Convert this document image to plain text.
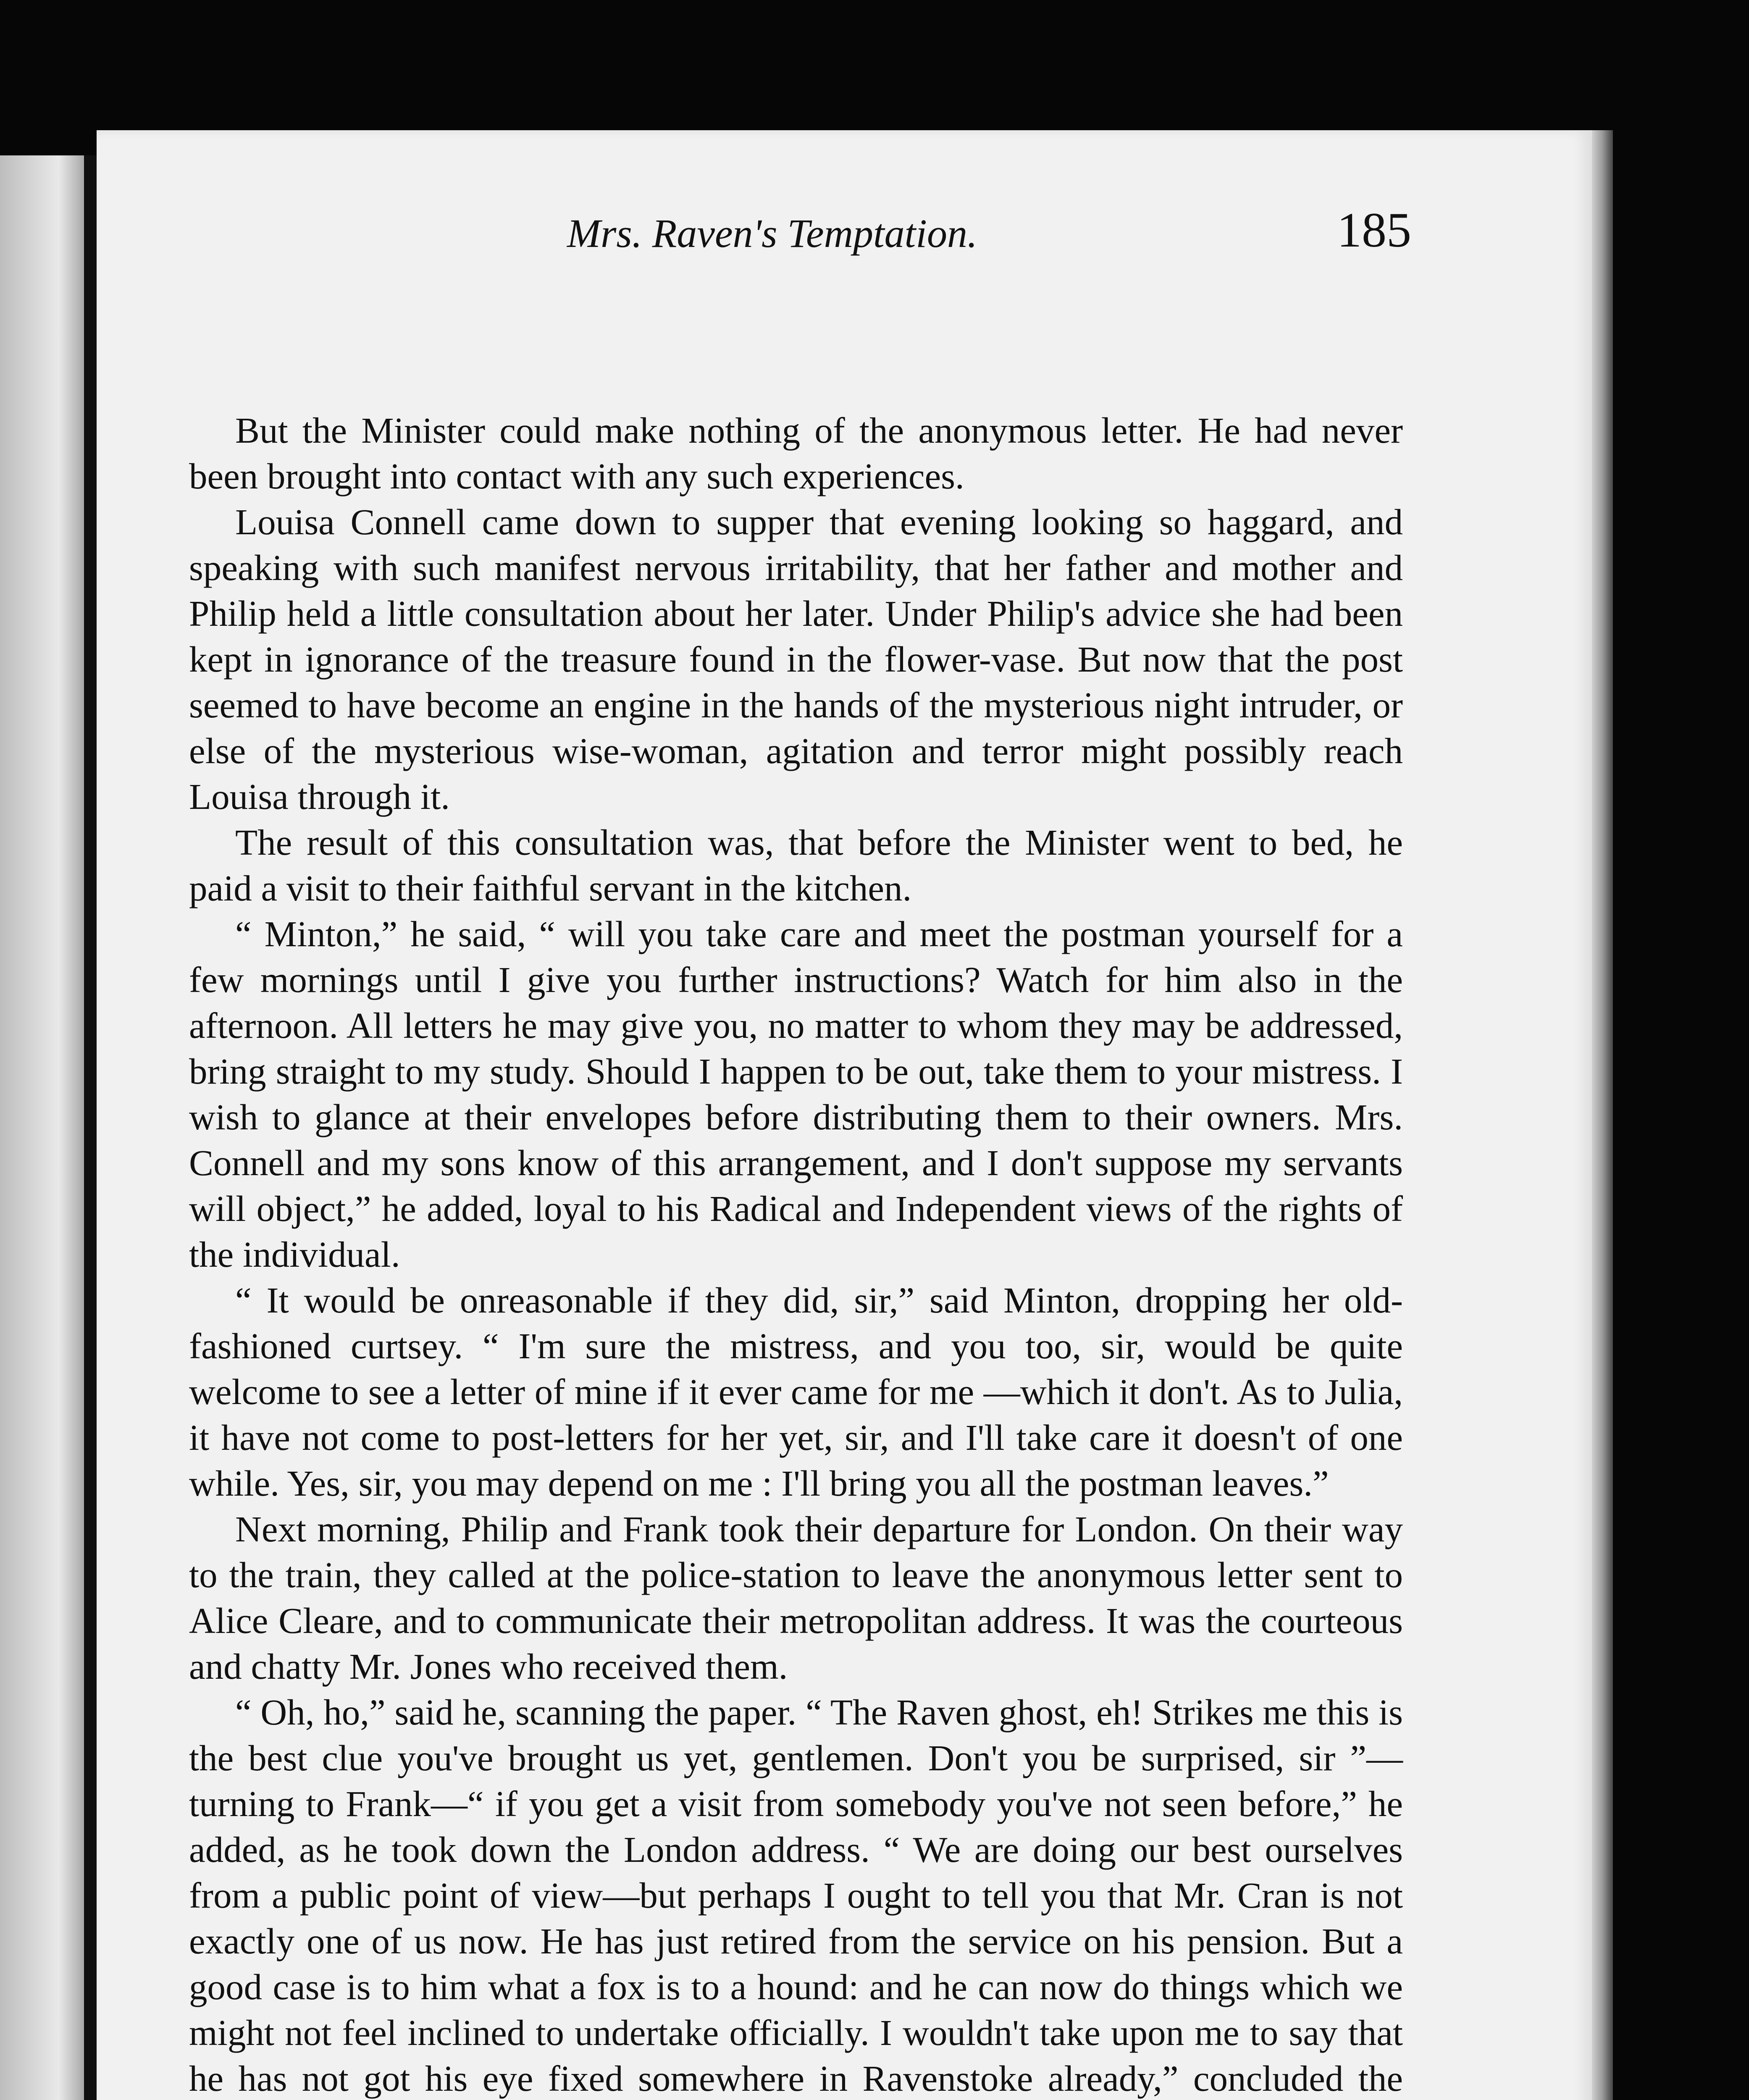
Mrs. Raven's Temptation.	185

But the Minister could make nothing of the anonymous letter. He had never been brought into contact with any such experiences.

Louisa Connell came down to supper that evening looking so haggard, and speaking with such manifest nervous irritability, that her father and mother and Philip held a little consultation about her later. Under Philip's advice she had been kept in ignorance of the treasure found in the flower-vase. But now that the post seemed to have become an engine in the hands of the mysterious night intruder, or else of the mysterious wise-woman, agitation and terror might possibly reach Louisa through it.

The result of this consultation was, that before the Minister went to bed, he paid a visit to their faithful servant in the kitchen.

“ Minton,” he said, “ will you take care and meet the postman yourself for a few mornings until I give you further instructions? Watch for him also in the afternoon. All letters he may give you, no matter to whom they may be addressed, bring straight to my study. Should I happen to be out, take them to your mistress. I wish to glance at their envelopes before distributing them to their owners. Mrs. Connell and my sons know of this arrangement, and I don't suppose my servants will object,” he added, loyal to his Radical and Independent views of the rights of the individual.

“ It would be onreasonable if they did, sir,” said Minton, dropping her old-fashioned curtsey. “ I'm sure the mistress, and you too, sir, would be quite welcome to see a letter of mine if it ever came for me —which it don't. As to Julia, it have not come to post-letters for her yet, sir, and I'll take care it doesn't of one while. Yes, sir, you may depend on me : I'll bring you all the postman leaves.”

Next morning, Philip and Frank took their departure for London. On their way to the train, they called at the police-station to leave the anonymous letter sent to Alice Cleare, and to communicate their metropolitan address. It was the courteous and chatty Mr. Jones who received them.

“ Oh, ho,” said he, scanning the paper. “ The Raven ghost, eh! Strikes me this is the best clue you've brought us yet, gentlemen. Don't you be surprised, sir ”—turning to Frank—“ if you get a visit from somebody you've not seen before,” he added, as he took down the London address. “ We are doing our best ourselves from a public point of view—but perhaps I ought to tell you that Mr. Cran is not exactly one of us now. He has just retired from the service on his pension. But a good case is to him what a fox is to a hound: and he can now do things which we might not feel inclined to undertake officially. I wouldn't take upon me to say that he has not got his eye fixed somewhere in Ravenstoke already,” concluded the
